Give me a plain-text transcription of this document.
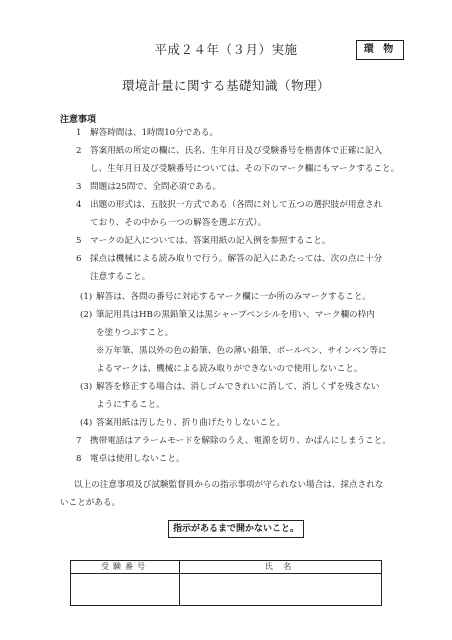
平成２４年（３月）実施	環 物
環境計量に関する基礎知識（物理）
注意事項
1 解答時間は、1時間10分である。
2 答案用紙の所定の欄に、氏名、生年月日及び受験番号を楷書体で正確に記入
し、生年月日及び受験番号については、その下のマーク欄にもマークすること。
3 問題は25問で、全問必須である。
4 出題の形式は、五肢択一方式である（各問に対して五つの選択肢が用意され
ており、その中から一つの解答を選ぶ方式）。
5 マークの記入については、答案用紙の記入例を参照すること。
6 採点は機械による読み取りで行う。解答の記入にあたっては、次の点に十分
注意すること。
(1) 解答は、各問の番号に対応するマーク欄に一か所のみマークすること。
(2) 筆記用具はHBの黒鉛筆又は黒シャープペンシルを用い、マーク欄の枠内
を塗りつぶすこと。
※万年筆、黒以外の色の鉛筆、色の薄い鉛筆、ボールペン、サインペン等に
よるマークは、機械による読み取りができないので使用しないこと。
(3) 解答を修正する場合は、消しゴムできれいに消して、消しくずを残さない
ようにすること。
(4) 答案用紙は汚したり、折り曲げたりしないこと。
7 携帯電話はアラームモードを解除のうえ、電源を切り、かばんにしまうこと。
8 電卓は使用しないこと。
以上の注意事項及び試験監督員からの指示事項が守られない場合は、採点されな
いことがある。
指示があるまで開かないこと。
受験番号	氏 名
